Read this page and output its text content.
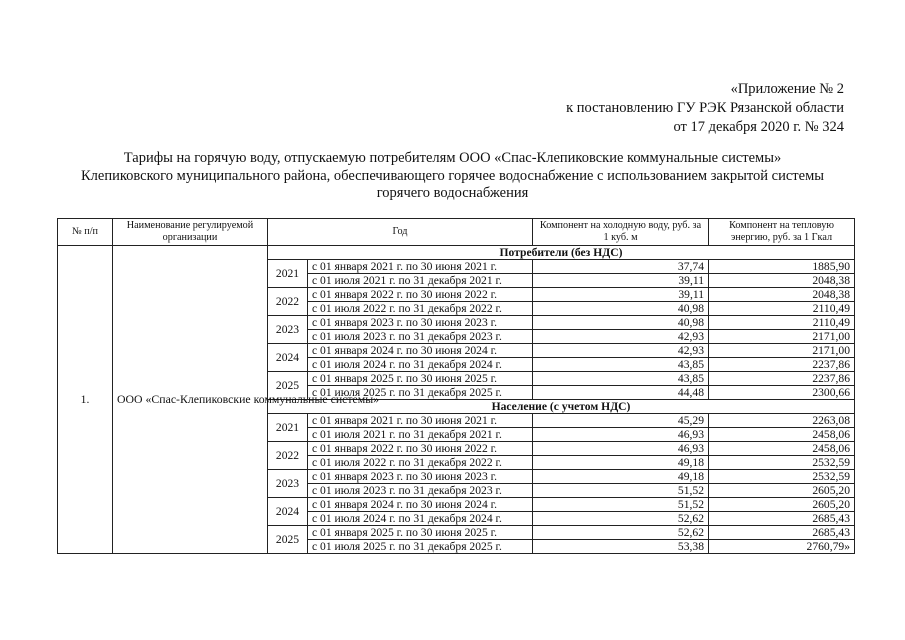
«Приложение № 2
к постановлению ГУ РЭК Рязанской области
от 17 декабря 2020 г. № 324
Тарифы на горячую воду, отпускаемую потребителям ООО «Спас-Клепиковские коммунальные системы»
Клепиковского муниципального района, обеспечивающего горячее водоснабжение с использованием закрытой системы
горячего водоснабжения
№ п/п	Наименование регулируемой организации	Год		Компонент на холодную воду, руб. за 1 куб. м	Компонент на тепловую энергию, руб. за 1 Гкал
1.	ООО «Спас-Клепиковские коммунальные системы»	Потребители (без НДС)			
		2021	с 01 января 2021 г. по 30 июня 2021 г.	37,74	1885,90
			с 01 июля 2021 г. по 31 декабря 2021 г.	39,11	2048,38
		2022	с 01 января 2022 г. по 30 июня 2022 г.	39,11	2048,38
			с 01 июля 2022 г. по 31 декабря 2022 г.	40,98	2110,49
		2023	с 01 января 2023 г. по 30 июня 2023 г.	40,98	2110,49
			с 01 июля 2023 г. по 31 декабря 2023 г.	42,93	2171,00
		2024	с 01 января 2024 г. по 30 июня 2024 г.	42,93	2171,00
			с 01 июля 2024 г. по 31 декабря 2024 г.	43,85	2237,86
		2025	с 01 января 2025 г. по 30 июня 2025 г.	43,85	2237,86
			с 01 июля 2025 г. по 31 декабря 2025 г.	44,48	2300,66
		Население (с учетом НДС)			
		2021	с 01 января 2021 г. по 30 июня 2021 г.	45,29	2263,08
			с 01 июля 2021 г. по 31 декабря 2021 г.	46,93	2458,06
		2022	с 01 января 2022 г. по 30 июня 2022 г.	46,93	2458,06
			с 01 июля 2022 г. по 31 декабря 2022 г.	49,18	2532,59
		2023	с 01 января 2023 г. по 30 июня 2023 г.	49,18	2532,59
			с 01 июля 2023 г. по 31 декабря 2023 г.	51,52	2605,20
		2024	с 01 января 2024 г. по 30 июня 2024 г.	51,52	2605,20
			с 01 июля 2024 г. по 31 декабря 2024 г.	52,62	2685,43
		2025	с 01 января 2025 г. по 30 июня 2025 г.	52,62	2685,43
			с 01 июля 2025 г. по 31 декабря 2025 г.	53,38	2760,79»
